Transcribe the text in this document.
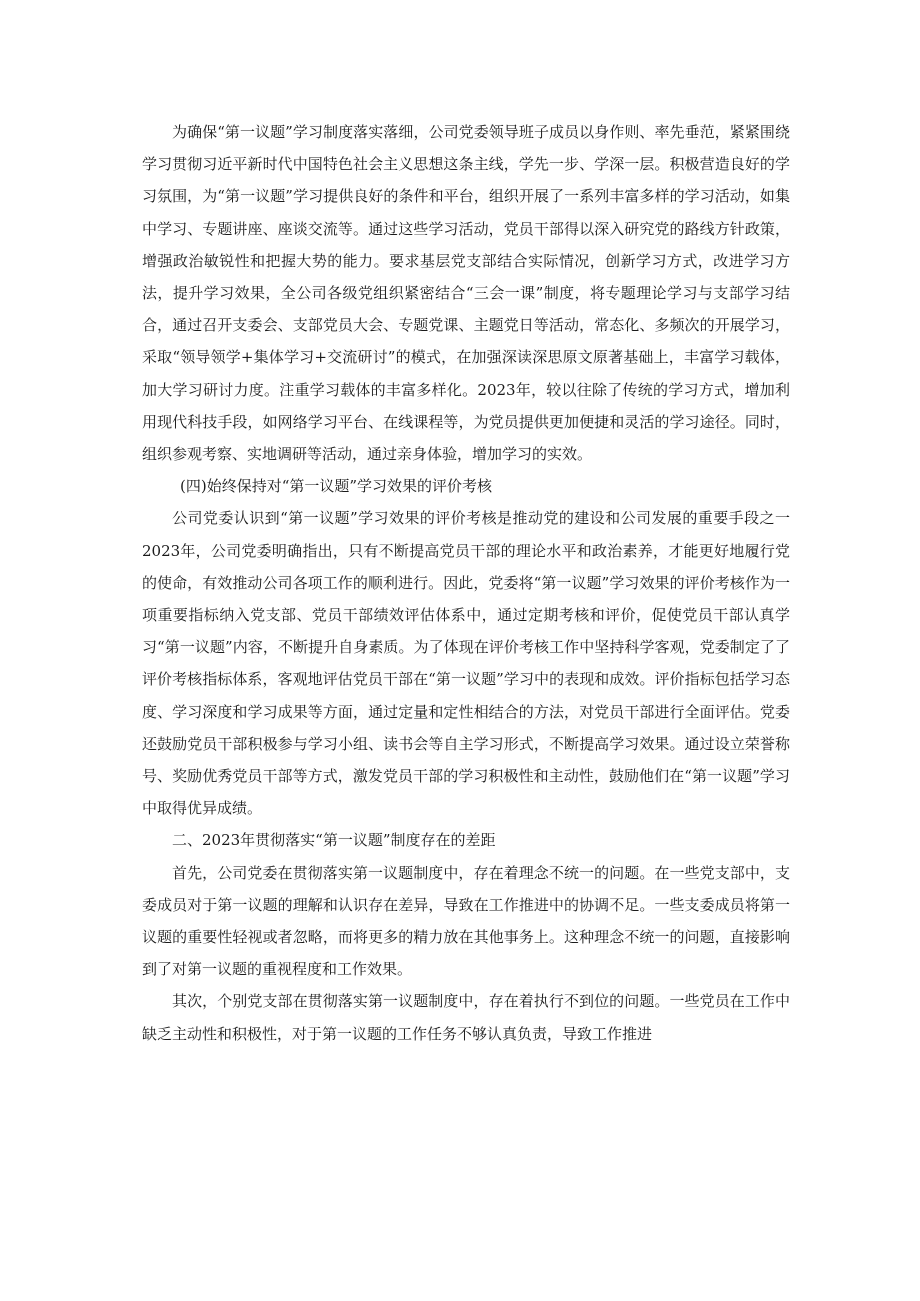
为确保“第一议题”学习制度落实落细，公司党委领导班子成员以身作则、率先垂范，紧紧围绕学习贯彻习近平新时代中国特色社会主义思想这条主线，学先一步、学深一层。积极营造良好的学习氛围，为“第一议题”学习提供良好的条件和平台，组织开展了一系列丰富多样的学习活动，如集中学习、专题讲座、座谈交流等。通过这些学习活动，党员干部得以深入研究党的路线方针政策，增强政治敏锐性和把握大势的能力。要求基层党支部结合实际情况，创新学习方式，改进学习方法，提升学习效果，全公司各级党组织紧密结合“三会一课”制度，将专题理论学习与支部学习结合，通过召开支委会、支部党员大会、专题党课、主题党日等活动，常态化、多频次的开展学习，采取“领导领学+集体学习+交流研讨”的模式，在加强深读深思原文原著基础上，丰富学习载体，加大学习研讨力度。注重学习载体的丰富多样化。2023年，较以往除了传统的学习方式，增加利用现代科技手段，如网络学习平台、在线课程等，为党员提供更加便捷和灵活的学习途径。同时，组织参观考察、实地调研等活动，通过亲身体验，增加学习的实效。

(四)始终保持对“第一议题”学习效果的评价考核

公司党委认识到“第一议题”学习效果的评价考核是推动党的建设和公司发展的重要手段之一2023年，公司党委明确指出，只有不断提高党员干部的理论水平和政治素养，才能更好地履行党的使命，有效推动公司各项工作的顺利进行。因此，党委将“第一议题”学习效果的评价考核作为一项重要指标纳入党支部、党员干部绩效评估体系中，通过定期考核和评价，促使党员干部认真学习“第一议题”内容，不断提升自身素质。为了体现在评价考核工作中坚持科学客观，党委制定了了评价考核指标体系，客观地评估党员干部在“第一议题”学习中的表现和成效。评价指标包括学习态度、学习深度和学习成果等方面，通过定量和定性相结合的方法，对党员干部进行全面评估。党委还鼓励党员干部积极参与学习小组、读书会等自主学习形式，不断提高学习效果。通过设立荣誉称号、奖励优秀党员干部等方式，激发党员干部的学习积极性和主动性，鼓励他们在“第一议题”学习中取得优异成绩。

二、2023年贯彻落实“第一议题”制度存在的差距

首先，公司党委在贯彻落实第一议题制度中，存在着理念不统一的问题。在一些党支部中，支委成员对于第一议题的理解和认识存在差异，导致在工作推进中的协调不足。一些支委成员将第一议题的重要性轻视或者忽略，而将更多的精力放在其他事务上。这种理念不统一的问题，直接影响到了对第一议题的重视程度和工作效果。

其次，个别党支部在贯彻落实第一议题制度中，存在着执行不到位的问题。一些党员在工作中缺乏主动性和积极性，对于第一议题的工作任务不够认真负责，导致工作推进
